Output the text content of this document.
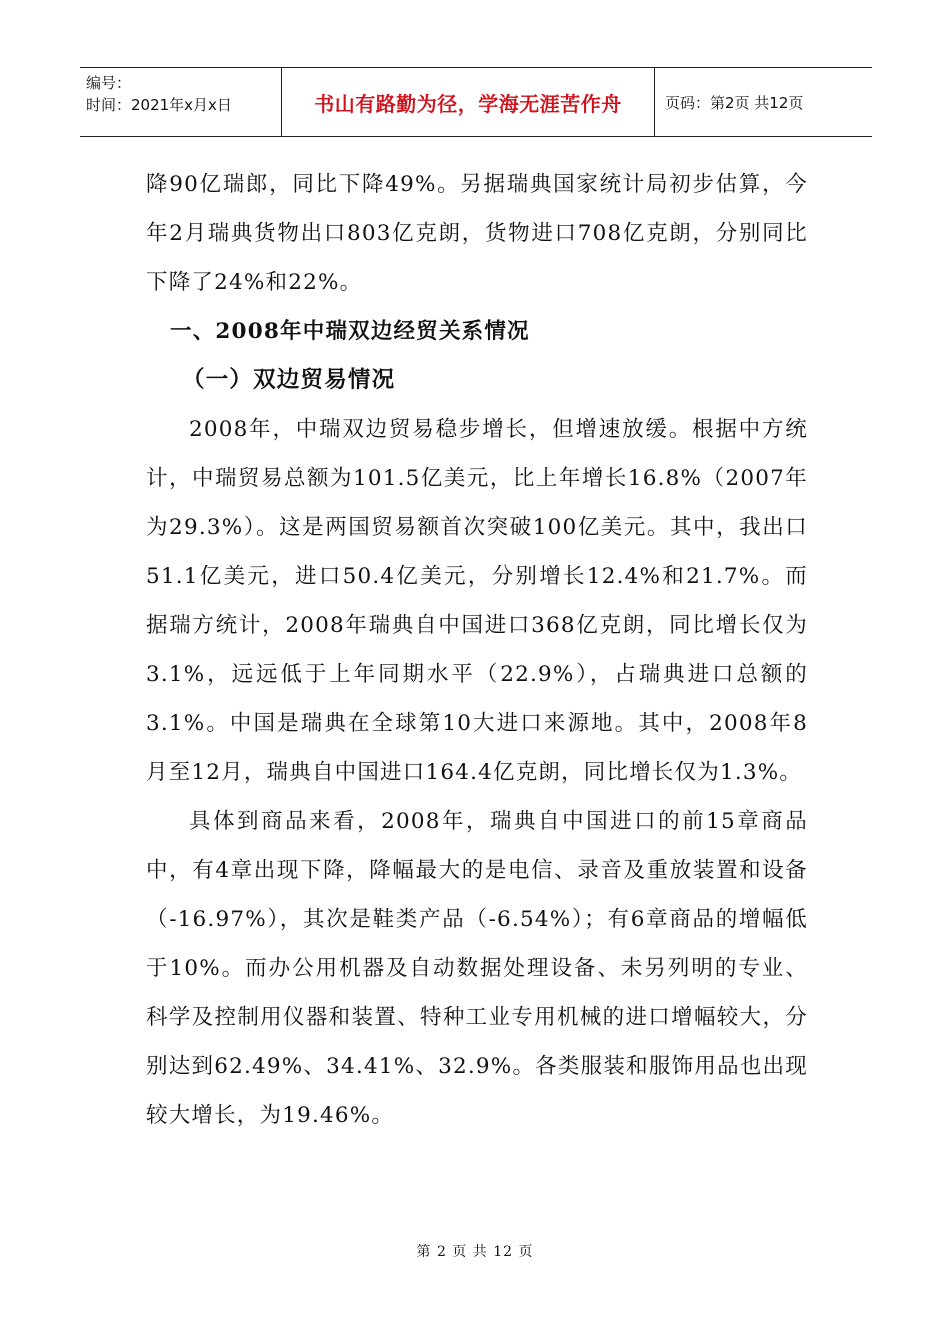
编号：
时间：2021年x月x日	书山有路勤为径，学海无涯苦作舟	页码：第2页 共12页

降90亿瑞郎，同比下降49%。另据瑞典国家统计局初步估算，今年2月瑞典货物出口803亿克朗，货物进口708亿克朗，分别同比下降了24%和22%。

一、2008年中瑞双边经贸关系情况

（一）双边贸易情况

2008年，中瑞双边贸易稳步增长，但增速放缓。根据中方统计，中瑞贸易总额为101.5亿美元，比上年增长16.8%（2007年为29.3%）。这是两国贸易额首次突破100亿美元。其中，我出口51.1亿美元，进口50.4亿美元，分别增长12.4%和21.7%。而据瑞方统计，2008年瑞典自中国进口368亿克朗，同比增长仅为3.1%，远远低于上年同期水平（22.9%），占瑞典进口总额的3.1%。中国是瑞典在全球第10大进口来源地。其中，2008年8月至12月，瑞典自中国进口164.4亿克朗，同比增长仅为1.3%。

具体到商品来看，2008年，瑞典自中国进口的前15章商品中，有4章出现下降，降幅最大的是电信、录音及重放装置和设备（-16.97%），其次是鞋类产品（-6.54%）；有6章商品的增幅低于10%。而办公用机器及自动数据处理设备、未另列明的专业、科学及控制用仪器和装置、特种工业专用机械的进口增幅较大，分别达到62.49%、34.41%、32.9%。各类服装和服饰用品也出现较大增长，为19.46%。

第 2 页 共 12 页
